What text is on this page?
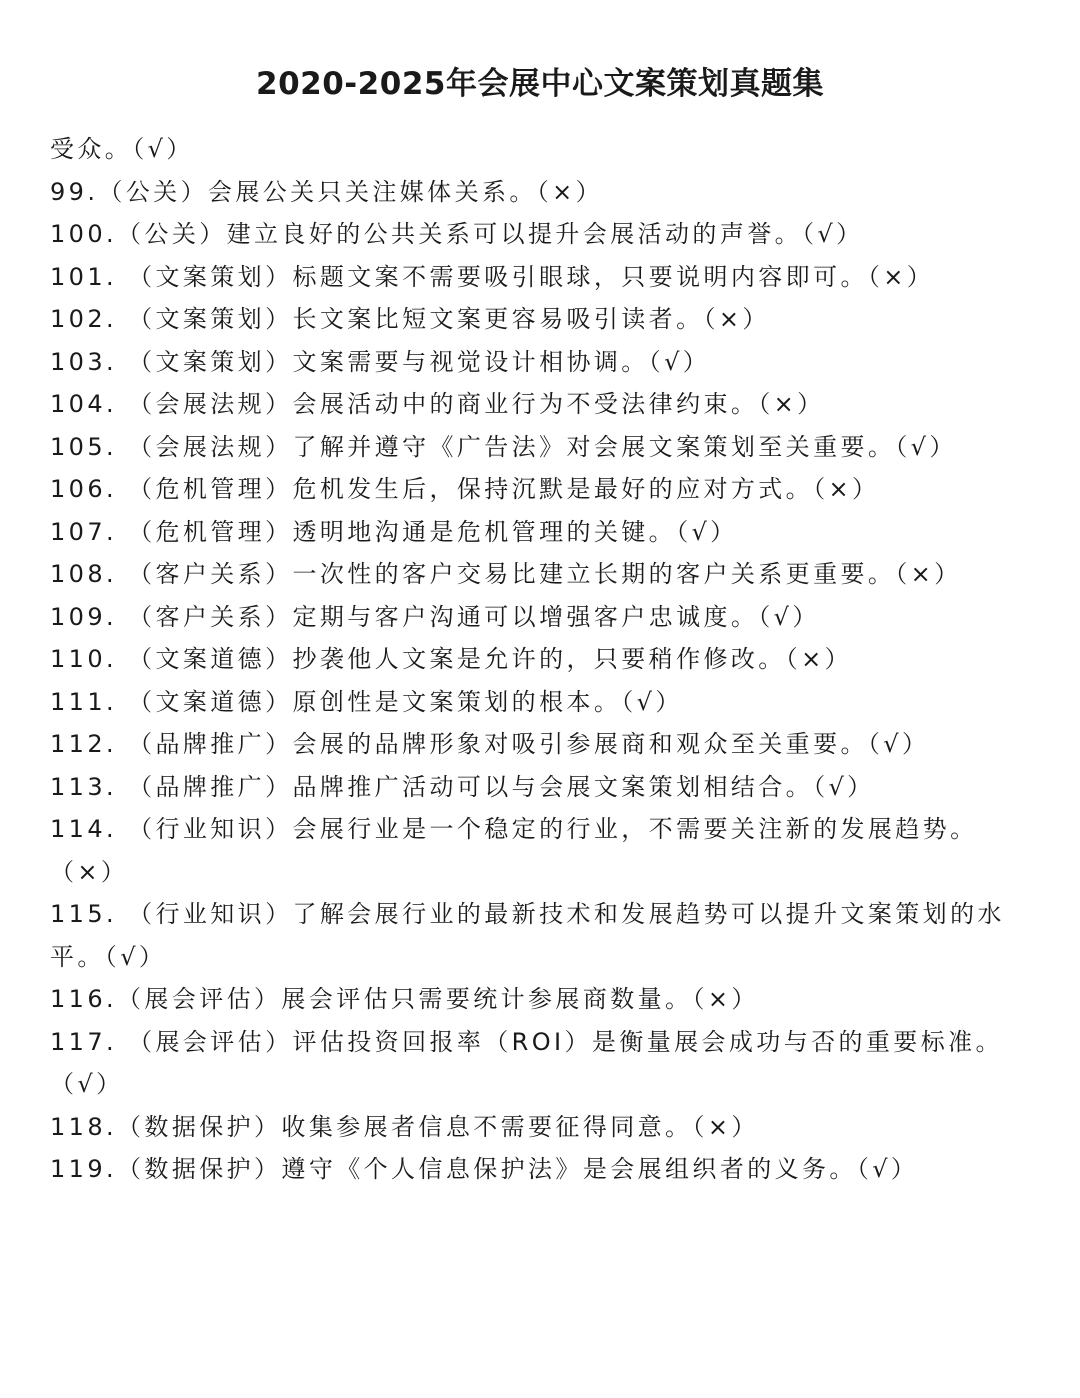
2020-2025年会展中心文案策划真题集
受众。（√）
99.（公关）会展公关只关注媒体关系。（×）
100.（公关）建立良好的公共关系可以提升会展活动的声誉。（√）
101. （文案策划）标题文案不需要吸引眼球，只要说明内容即可。（×）
102. （文案策划）长文案比短文案更容易吸引读者。（×）
103. （文案策划）文案需要与视觉设计相协调。（√）
104. （会展法规）会展活动中的商业行为不受法律约束。（×）
105. （会展法规）了解并遵守《广告法》对会展文案策划至关重要。（√）
106. （危机管理）危机发生后，保持沉默是最好的应对方式。（×）
107. （危机管理）透明地沟通是危机管理的关键。（√）
108. （客户关系）一次性的客户交易比建立长期的客户关系更重要。（×）
109. （客户关系）定期与客户沟通可以增强客户忠诚度。（√）
110. （文案道德）抄袭他人文案是允许的，只要稍作修改。（×）
111. （文案道德）原创性是文案策划的根本。（√）
112. （品牌推广）会展的品牌形象对吸引参展商和观众至关重要。（√）
113. （品牌推广）品牌推广活动可以与会展文案策划相结合。（√）
114. （行业知识）会展行业是一个稳定的行业，不需要关注新的发展趋势。
（×）
115. （行业知识）了解会展行业的最新技术和发展趋势可以提升文案策划的水
平。（√）
116.（展会评估）展会评估只需要统计参展商数量。（×）
117. （展会评估）评估投资回报率（ROI）是衡量展会成功与否的重要标准。
（√）
118.（数据保护）收集参展者信息不需要征得同意。（×）
119.（数据保护）遵守《个人信息保护法》是会展组织者的义务。（√）
